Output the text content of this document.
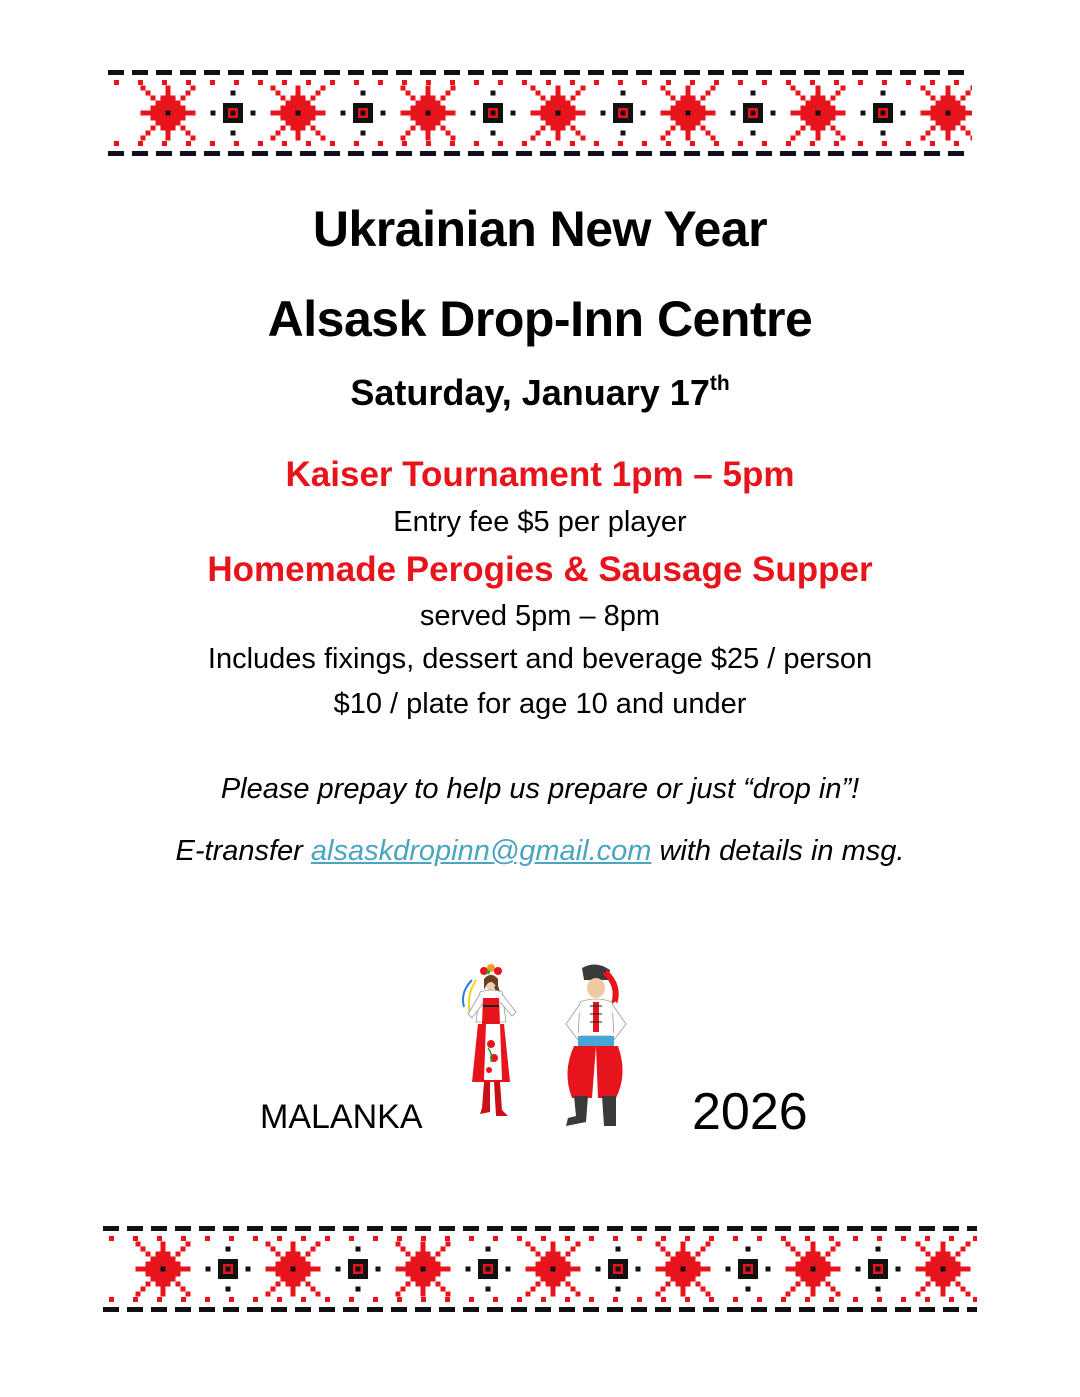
Ukrainian New Year
Alsask Drop-Inn Centre
Saturday, January 17th
Kaiser Tournament 1pm – 5pm
Entry fee $5 per player
Homemade Perogies & Sausage Supper
served 5pm – 8pm
Includes fixings, dessert and beverage $25 / person
$10 / plate for age 10 and under
Please prepay to help us prepare or just “drop in”!
E-transfer alsaskdropinn@gmail.com with details in msg.
MALANKA	2026
